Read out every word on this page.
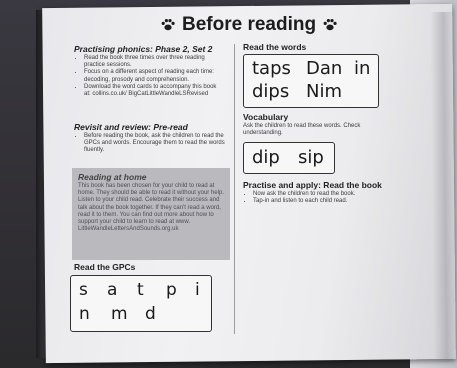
Before reading
Practising phonics: Phase 2, Set 2
• Read the book three times over three reading practice sessions.
• Focus on a different aspect of reading each time: decoding, prosody and comprehension.
• Download the word cards to accompany this book at: collins.co.uk/ BigCatLittleWandleLSRevised
Revisit and review: Pre-read
• Before reading the book, ask the children to read the GPCs and words. Encourage them to read the words fluently.
Reading at home

This book has been chosen for your child to read at home. They should be able to read it without your help. Listen to your child read. Celebrate their success and talk about the book together. If they can't read a word, read it to them. You can find out more about how to support your child to learn to read at www. LittleWandleLettersAndSounds.org.uk

Read the GPCs
s a t p i
n m d
Read the words
taps Dan in
dips Nim
Vocabulary

Ask the children to read these words. Check understanding.

dip sip
Practise and apply: Read the book
• Now ask the children to read the book.
• Tap-in and listen to each child read.
